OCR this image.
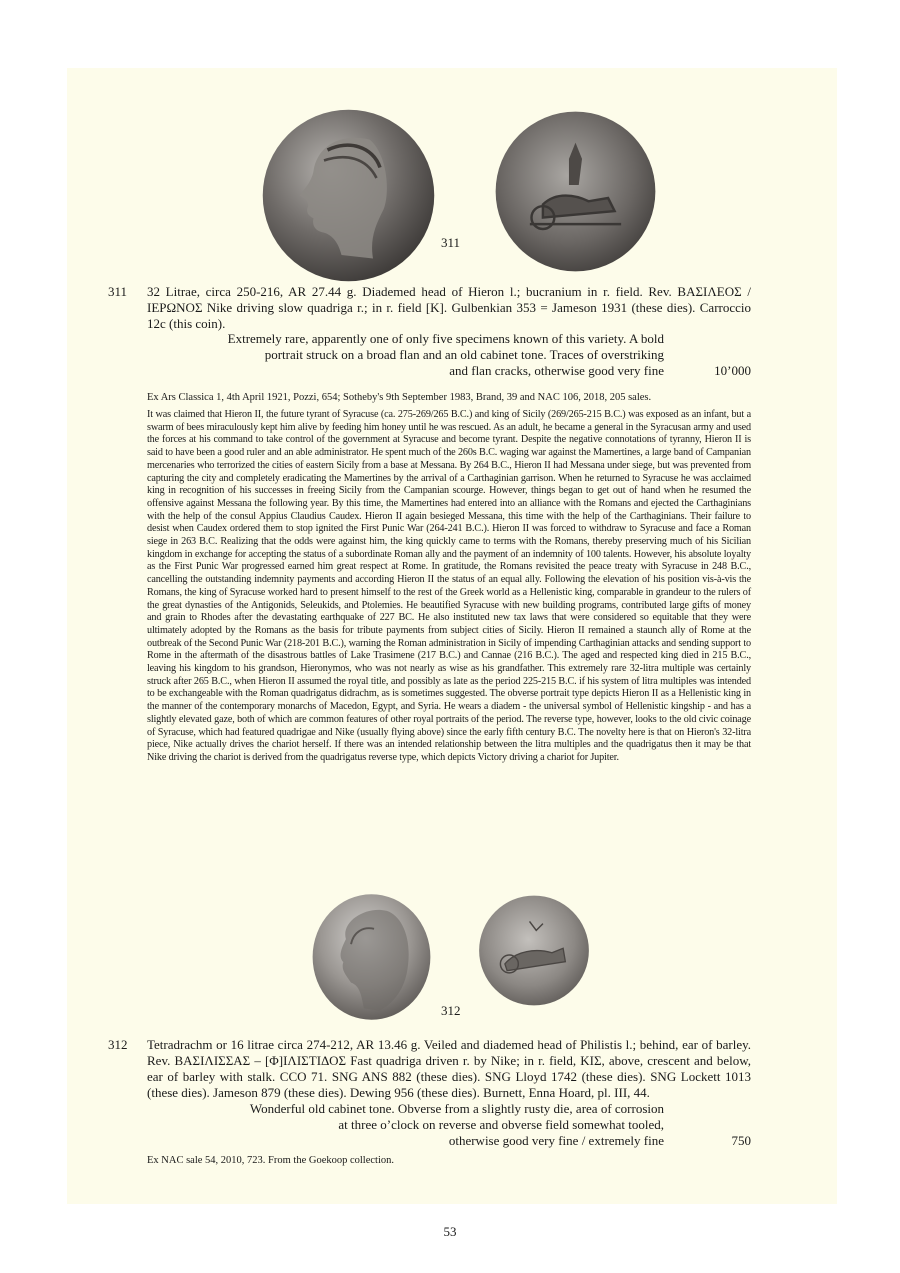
311
311 32 Litrae, circa 250-216, AR 27.44 g. Diademed head of Hieron l.; bucranium in r. field. Rev. ΒΑΣΙΛΕΟΣ / ΙΕΡΩΝΟΣ Nike driving slow quadriga r.; in r. field [K]. Gulbenkian 353 = Jameson 1931 (these dies). Carroccio 12c (this coin).
Extremely rare, apparently one of only five specimens known of this variety. A bold
portrait struck on a broad flan and an old cabinet tone. Traces of overstriking
and flan cracks, otherwise good very fine	10’000
Ex Ars Classica 1, 4th April 1921, Pozzi, 654; Sotheby's 9th September 1983, Brand, 39 and NAC 106, 2018, 205 sales.
It was claimed that Hieron II, the future tyrant of Syracuse (ca. 275-269/265 B.C.) and king of Sicily (269/265-215 B.C.) was exposed as an infant, but a swarm of bees miraculously kept him alive by feeding him honey until he was rescued. As an adult, he became a general in the Syracusan army and used the forces at his command to take control of the government at Syracuse and become tyrant. Despite the negative connotations of tyranny, Hieron II is said to have been a good ruler and an able administrator. He spent much of the 260s B.C. waging war against the Mamertines, a large band of Campanian mercenaries who terrorized the cities of eastern Sicily from a base at Messana. By 264 B.C., Hieron II had Messana under siege, but was prevented from capturing the city and completely eradicating the Mamertines by the arrival of a Carthaginian garrison. When he returned to Syracuse he was acclaimed king in recognition of his successes in freeing Sicily from the Campanian scourge. However, things began to get out of hand when he resumed the offensive against Messana the following year. By this time, the Mamertines had entered into an alliance with the Romans and ejected the Carthaginians with the help of the consul Appius Claudius Caudex. Hieron II again besieged Messana, this time with the help of the Carthaginians. Their failure to desist when Caudex ordered them to stop ignited the First Punic War (264-241 B.C.). Hieron II was forced to withdraw to Syracuse and face a Roman siege in 263 B.C. Realizing that the odds were against him, the king quickly came to terms with the Romans, thereby preserving much of his Sicilian kingdom in exchange for accepting the status of a subordinate Roman ally and the payment of an indemnity of 100 talents. However, his absolute loyalty as the First Punic War progressed earned him great respect at Rome. In gratitude, the Romans revisited the peace treaty with Syracuse in 248 B.C., cancelling the outstanding indemnity payments and according Hieron II the status of an equal ally. Following the elevation of his position vis-à-vis the Romans, the king of Syracuse worked hard to present himself to the rest of the Greek world as a Hellenistic king, comparable in grandeur to the rulers of the great dynasties of the Antigonids, Seleukids, and Ptolemies. He beautified Syracuse with new building programs, contributed large gifts of money and grain to Rhodes after the devastating earthquake of 227 BC. He also instituted new tax laws that were considered so equitable that they were ultimately adopted by the Romans as the basis for tribute payments from subject cities of Sicily. Hieron II remained a staunch ally of Rome at the outbreak of the Second Punic War (218-201 B.C.), warning the Roman administration in Sicily of impending Carthaginian attacks and sending support to Rome in the aftermath of the disastrous battles of Lake Trasimene (217 B.C.) and Cannae (216 B.C.). The aged and respected king died in 215 B.C., leaving his kingdom to his grandson, Hieronymos, who was not nearly as wise as his grandfather. This extremely rare 32-litra multiple was certainly struck after 265 B.C., when Hieron II assumed the royal title, and possibly as late as the period 225-215 B.C. if his system of litra multiples was intended to be exchangeable with the Roman quadrigatus didrachm, as is sometimes suggested. The obverse portrait type depicts Hieron II as a Hellenistic king in the manner of the contemporary monarchs of Macedon, Egypt, and Syria. He wears a diadem - the universal symbol of Hellenistic kingship - and has a slightly elevated gaze, both of which are common features of other royal portraits of the period. The reverse type, however, looks to the old civic coinage of Syracuse, which had featured quadrigae and Nike (usually flying above) since the early fifth century B.C. The novelty here is that on Hieron's 32-litra piece, Nike actually drives the chariot herself. If there was an intended relationship between the litra multiples and the quadrigatus then it may be that Nike driving the chariot is derived from the quadrigatus reverse type, which depicts Victory driving a chariot for Jupiter.
312
312 Tetradrachm or 16 litrae circa 274-212, AR 13.46 g. Veiled and diademed head of Philistis l.; behind, ear of barley. Rev. ΒΑΣΙΛΙΣΣΑΣ – [Φ]ΙΛΙΣΤΙΔΟΣ Fast quadriga driven r. by Nike; in r. field, ΚΙΣ, above, crescent and below, ear of barley with stalk. CCO 71. SNG ANS 882 (these dies). SNG Lloyd 1742 (these dies). SNG Lockett 1013 (these dies). Jameson 879 (these dies). Dewing 956 (these dies). Burnett, Enna Hoard, pl. III, 44.
Wonderful old cabinet tone. Obverse from a slightly rusty die, area of corrosion
at three o’clock on reverse and obverse field somewhat tooled,
otherwise good very fine / extremely fine	750
Ex NAC sale 54, 2010, 723. From the Goekoop collection.
53
